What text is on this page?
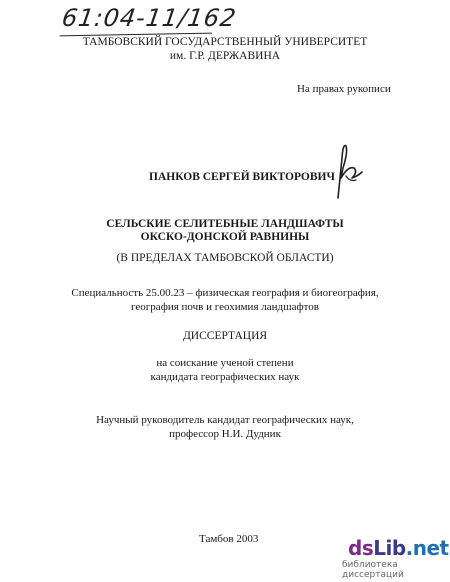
61:04-11/162
ТАМБОВСКИЙ ГОСУДАРСТВЕННЫЙ УНИВЕРСИТЕТ
им. Г.Р. ДЕРЖАВИНА
На правах рукописи
ПАНКОВ СЕРГЕЙ ВИКТОРОВИЧ
СЕЛЬСКИЕ СЕЛИТЕБНЫЕ ЛАНДШАФТЫ
ОКСКО-ДОНСКОЙ РАВНИНЫ
(В ПРЕДЕЛАХ ТАМБОВСКОЙ ОБЛАСТИ)
Специальность 25.00.23 – физическая география и биогеография,
география почв и геохимия ландшафтов
ДИССЕРТАЦИЯ
на соискание ученой степени
кандидата географических наук
Научный руководитель кандидат географических наук,
профессор Н.И. Дудник
Тамбов 2003	dsLib.net
библиотека диссертаций
